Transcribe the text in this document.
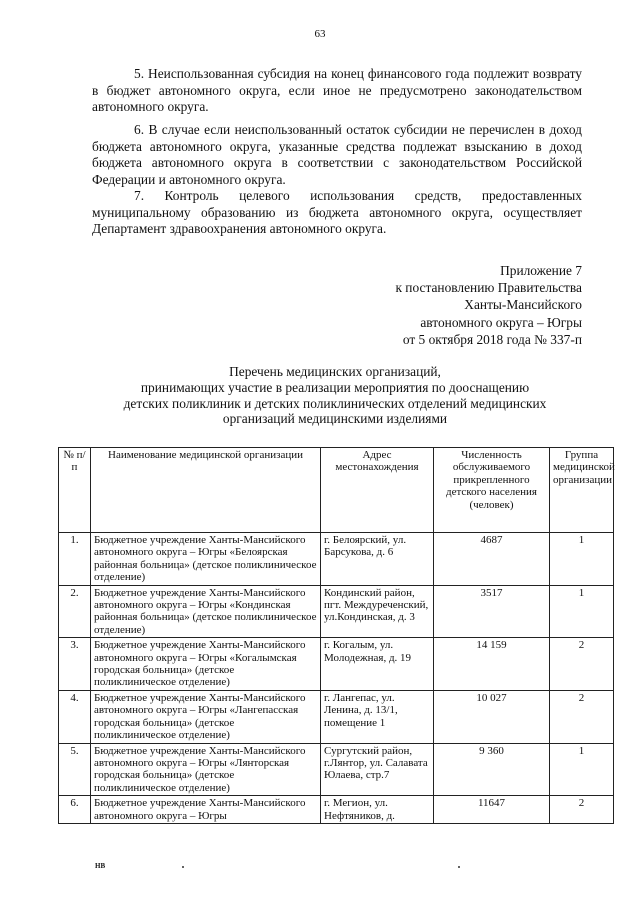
63

5. Неиспользованная субсидия на конец финансового года подлежит возврату в бюджет автономного округа, если иное не предусмотрено законодательством автономного округа.

6. В случае если неиспользованный остаток субсидии не перечислен в доход бюджета автономного округа, указанные средства подлежат взысканию в доход бюджета автономного округа в соответствии с законодательством Российской Федерации и автономного округа.

7. Контроль целевого использования средств, предоставленных муниципальному образованию из бюджета автономного округа, осуществляет Департамент здравоохранения автономного округа.

Приложение 7
к постановлению Правительства
Ханты-Мансийского
автономного округа – Югры
от 5 октября 2018 года № 337-п
Перечень медицинских организаций,
принимающих участие в реализации мероприятия по дооснащению
детских поликлиник и детских поликлинических отделений медицинских
организаций медицинскими изделиями
№ п/п	Наименование медицинской организации	Адрес местонахождения	Численность обслуживаемого прикрепленного детского населения (человек)	Группа медицинской организации
1.	Бюджетное учреждение Ханты-Мансийского автономного округа – Югры «Белоярская районная больница» (детское поликлиническое отделение)	г. Белоярский, ул. Барсукова, д. 6	4687	1
2.	Бюджетное учреждение Ханты-Мансийского автономного округа – Югры «Кондинская районная больница» (детское поликлиническое отделение)	Кондинский район, пгт. Междуреченский, ул.Кондинская, д. 3	3517	1
3.	Бюджетное учреждение Ханты-Мансийского автономного округа – Югры «Когалымская городская больница» (детское поликлиническое отделение)	г. Когалым, ул. Молодежная, д. 19	14 159	2
4.	Бюджетное учреждение Ханты-Мансийского автономного округа – Югры «Лангепасская городская больница» (детское поликлиническое отделение)	г. Лангепас, ул. Ленина, д. 13/1, помещение 1	10 027	2
5.	Бюджетное учреждение Ханты-Мансийского автономного округа – Югры «Лянторская городская больница» (детское поликлиническое отделение)	Сургутский район, г.Лянтор, ул. Салавата Юлаева, стр.7	9 360	1
6.	Бюджетное учреждение Ханты-Мансийского автономного округа – Югры	г. Мегион, ул. Нефтяников, д.	11647	2
НВ
